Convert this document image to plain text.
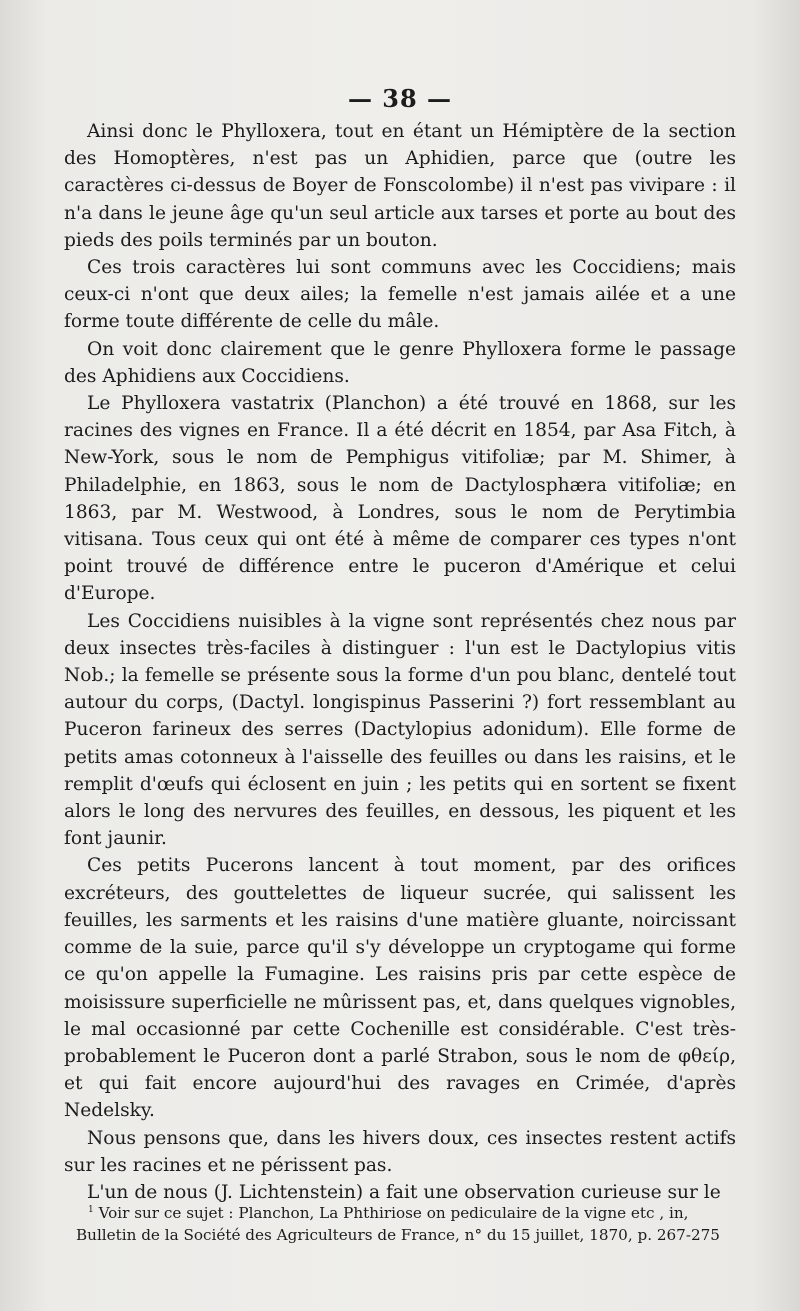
— 38 —

Ainsi donc le Phylloxera, tout en étant un Hémiptère de la section des Homoptères, n'est pas un Aphidien, parce que (outre les caractères ci-dessus de Boyer de Fonscolombe) il n'est pas vivipare : il n'a dans le jeune âge qu'un seul article aux tarses et porte au bout des pieds des poils terminés par un bouton.

Ces trois caractères lui sont communs avec les Coccidiens; mais ceux-ci n'ont que deux ailes; la femelle n'est jamais ailée et a une forme toute différente de celle du mâle.

On voit donc clairement que le genre Phylloxera forme le passage des Aphidiens aux Coccidiens.

Le Phylloxera vastatrix (Planchon) a été trouvé en 1868, sur les racines des vignes en France. Il a été décrit en 1854, par Asa Fitch, à New-York, sous le nom de Pemphigus vitifoliæ; par M. Shimer, à Philadelphie, en 1863, sous le nom de Dactylosphæra vitifoliæ; en 1863, par M. Westwood, à Londres, sous le nom de Perytimbia vitisana. Tous ceux qui ont été à même de comparer ces types n'ont point trouvé de différence entre le puceron d'Amérique et celui d'Europe.

Les Coccidiens nuisibles à la vigne sont représentés chez nous par deux insectes très-faciles à distinguer : l'un est le Dactylopius vitis Nob.; la femelle se présente sous la forme d'un pou blanc, dentelé tout autour du corps, (Dactyl. longispinus Passerini ?) fort ressemblant au Puceron farineux des serres (Dactylopius adonidum). Elle forme de petits amas cotonneux à l'aisselle des feuilles ou dans les raisins, et le remplit d'œufs qui éclosent en juin ; les petits qui en sortent se fixent alors le long des nervures des feuilles, en dessous, les piquent et les font jaunir.

Ces petits Pucerons lancent à tout moment, par des orifices excréteurs, des gouttelettes de liqueur sucrée, qui salissent les feuilles, les sarments et les raisins d'une matière gluante, noircissant comme de la suie, parce qu'il s'y développe un cryptogame qui forme ce qu'on appelle la Fumagine. Les raisins pris par cette espèce de moisissure superficielle ne mûrissent pas, et, dans quelques vignobles, le mal occasionné par cette Cochenille est considérable. C'est très-probablement le Puceron dont a parlé Strabon, sous le nom de φθείρ, et qui fait encore aujourd'hui des ravages en Crimée, d'après Nedelsky.

Nous pensons que, dans les hivers doux, ces insectes restent actifs sur les racines et ne périssent pas.

L'un de nous (J. Lichtenstein) a fait une observation curieuse sur le

$^1$ Voir sur ce sujet : Planchon, La Phthiriose on pediculaire de la vigne etc , in, Bulletin de la Société des Agriculteurs de France, n° du 15 juillet, 1870, p. 267-275
